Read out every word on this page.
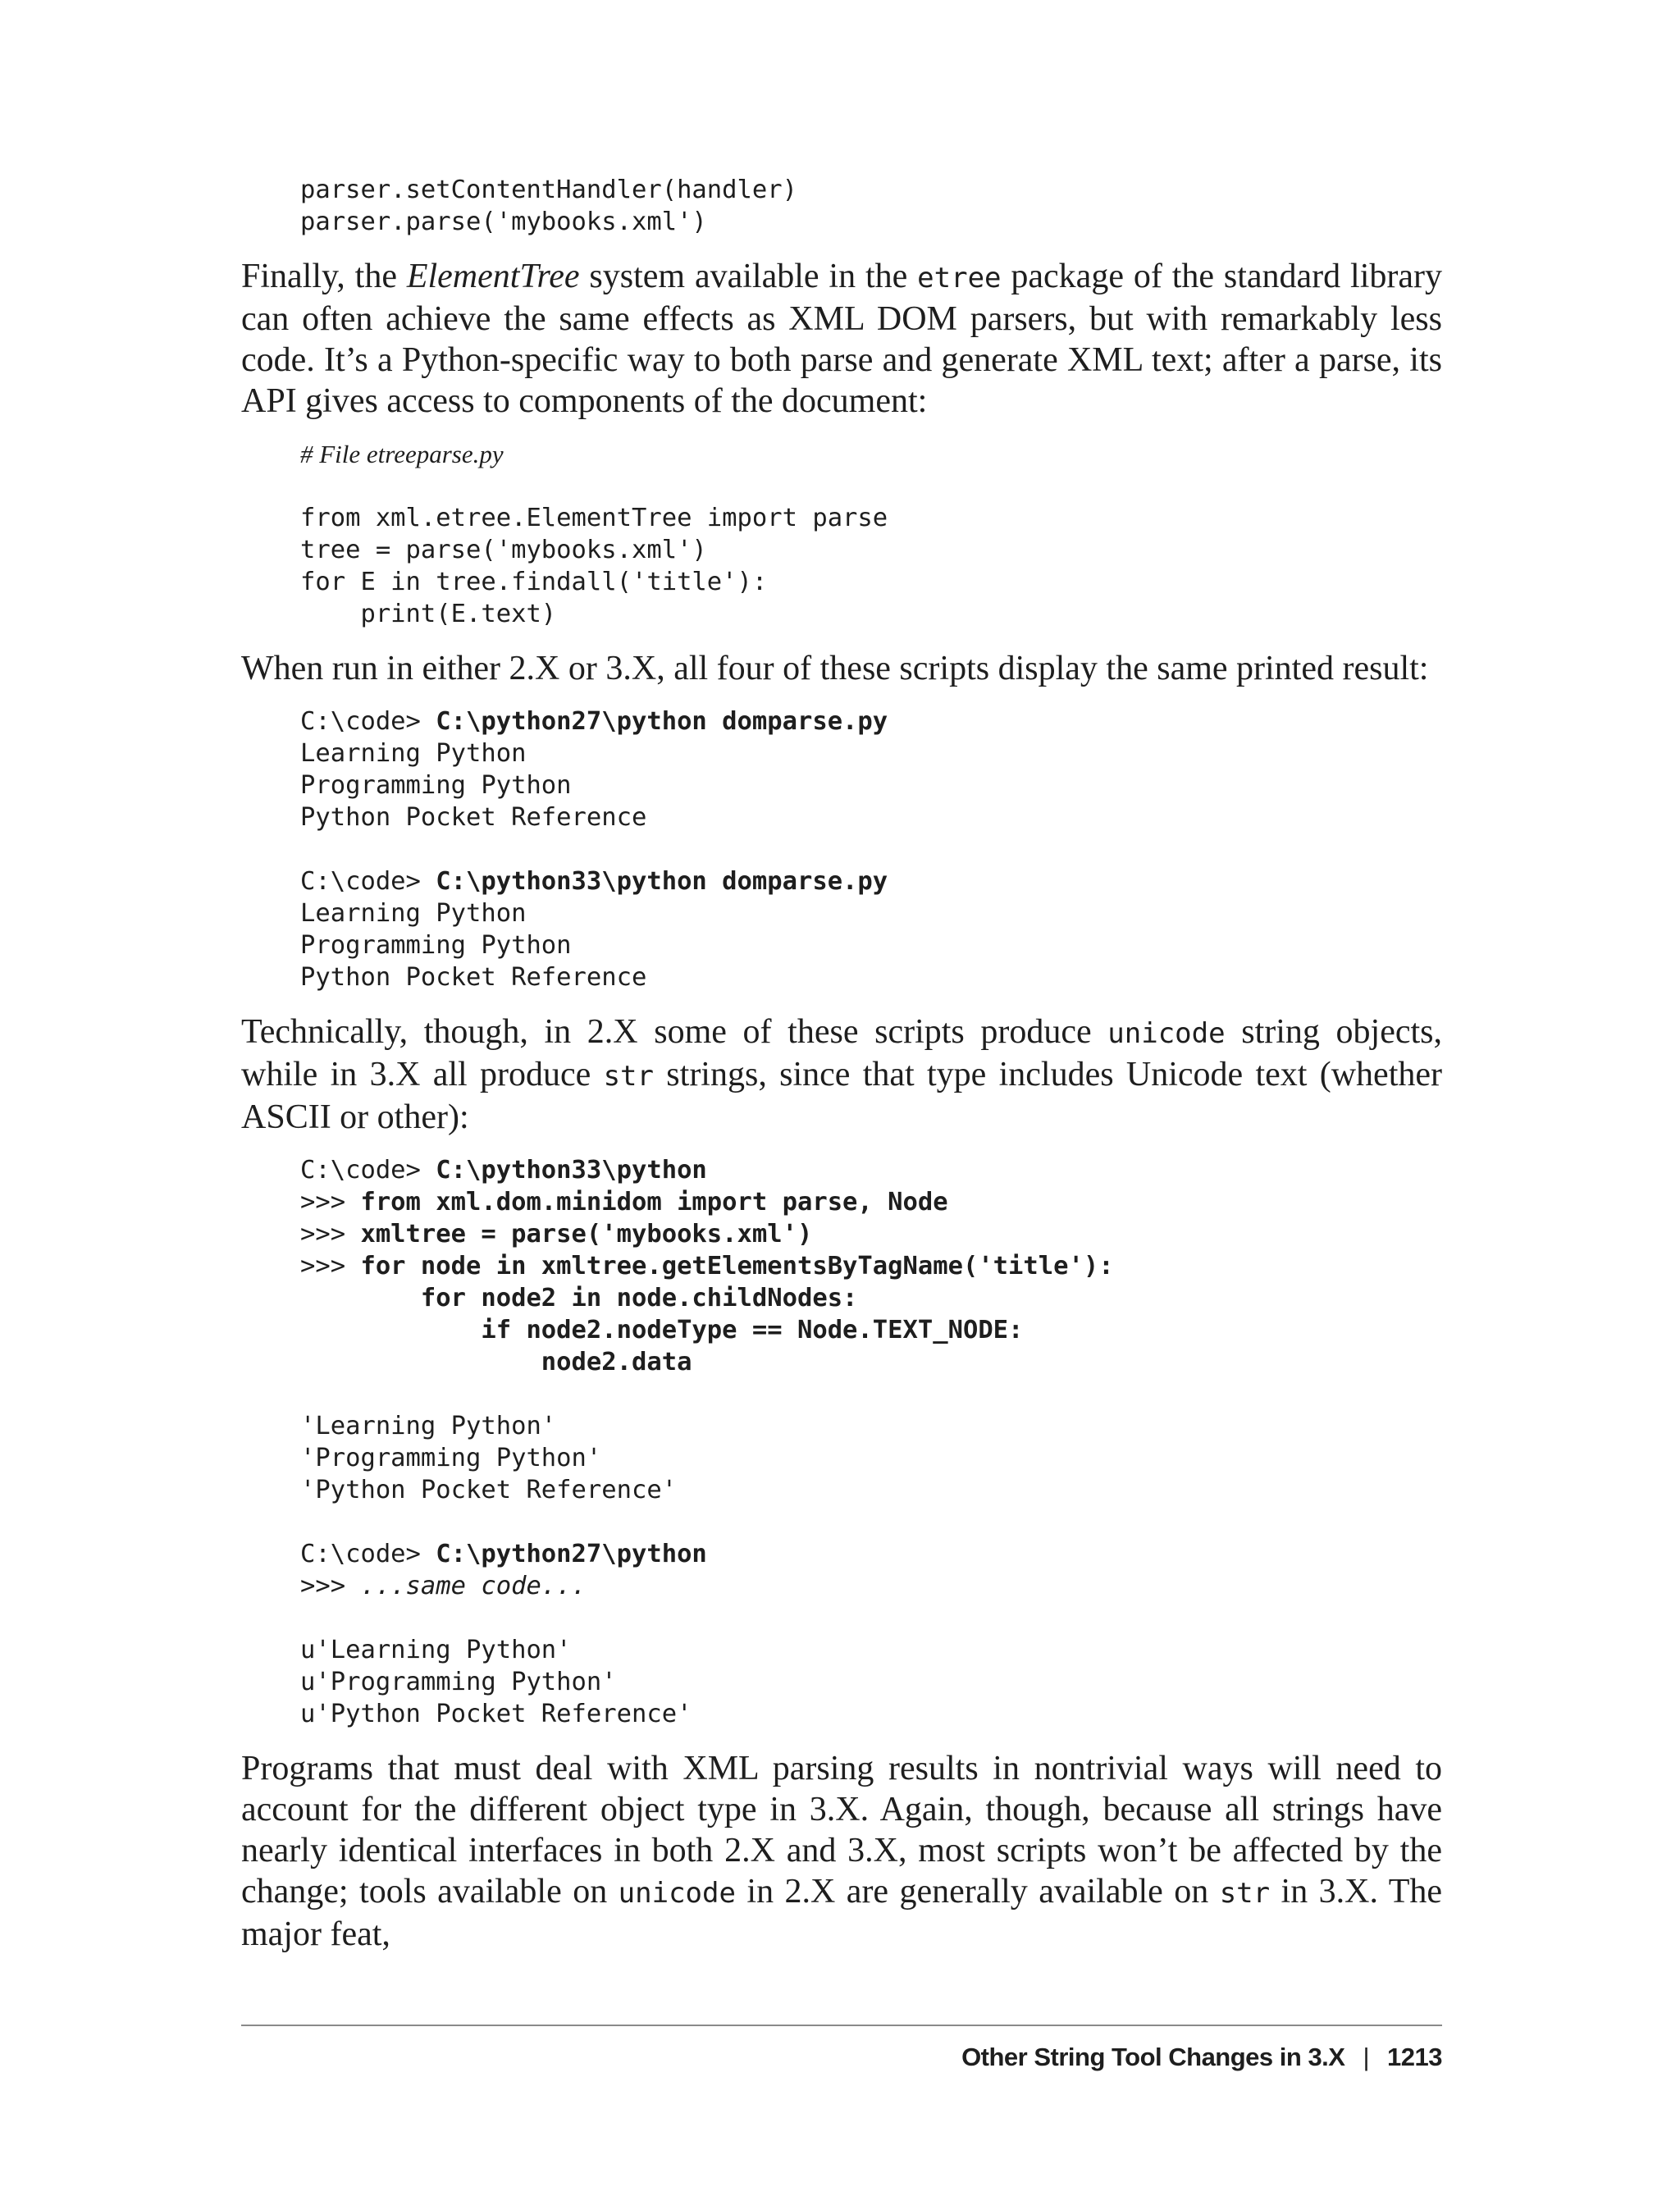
parser.setContentHandler(handler)
parser.parse('mybooks.xml')

Finally, the ElementTree system available in the etree package of the standard library can often achieve the same effects as XML DOM parsers, but with remarkably less code. It’s a Python-specific way to both parse and generate XML text; after a parse, its API gives access to components of the document:

# File etreeparse.py
from xml.etree.ElementTree import parse
tree = parse('mybooks.xml')
for E in tree.findall('title'):
print(E.text)

When run in either 2.X or 3.X, all four of these scripts display the same printed result:

C:\code> C:\python27\python domparse.py
Learning Python
Programming Python
Python Pocket Reference
C:\code> C:\python33\python domparse.py
Learning Python
Programming Python
Python Pocket Reference

Technically, though, in 2.X some of these scripts produce unicode string objects, while in 3.X all produce str strings, since that type includes Unicode text (whether ASCII or other):

C:\code> C:\python33\python
>>> from xml.dom.minidom import parse, Node
>>> xmltree = parse('mybooks.xml')
>>> for node in xmltree.getElementsByTagName('title'):
for node2 in node.childNodes:
if node2.nodeType == Node.TEXT_NODE:
node2.data
'Learning Python'
'Programming Python'
'Python Pocket Reference'
C:\code> C:\python27\python
>>> ...same code...
u'Learning Python'
u'Programming Python'
u'Python Pocket Reference'

Programs that must deal with XML parsing results in nontrivial ways will need to account for the different object type in 3.X. Again, though, because all strings have nearly identical interfaces in both 2.X and 3.X, most scripts won’t be affected by the change; tools available on unicode in 2.X are generally available on str in 3.X. The major feat,

Other String Tool Changes in 3.X | 1213
